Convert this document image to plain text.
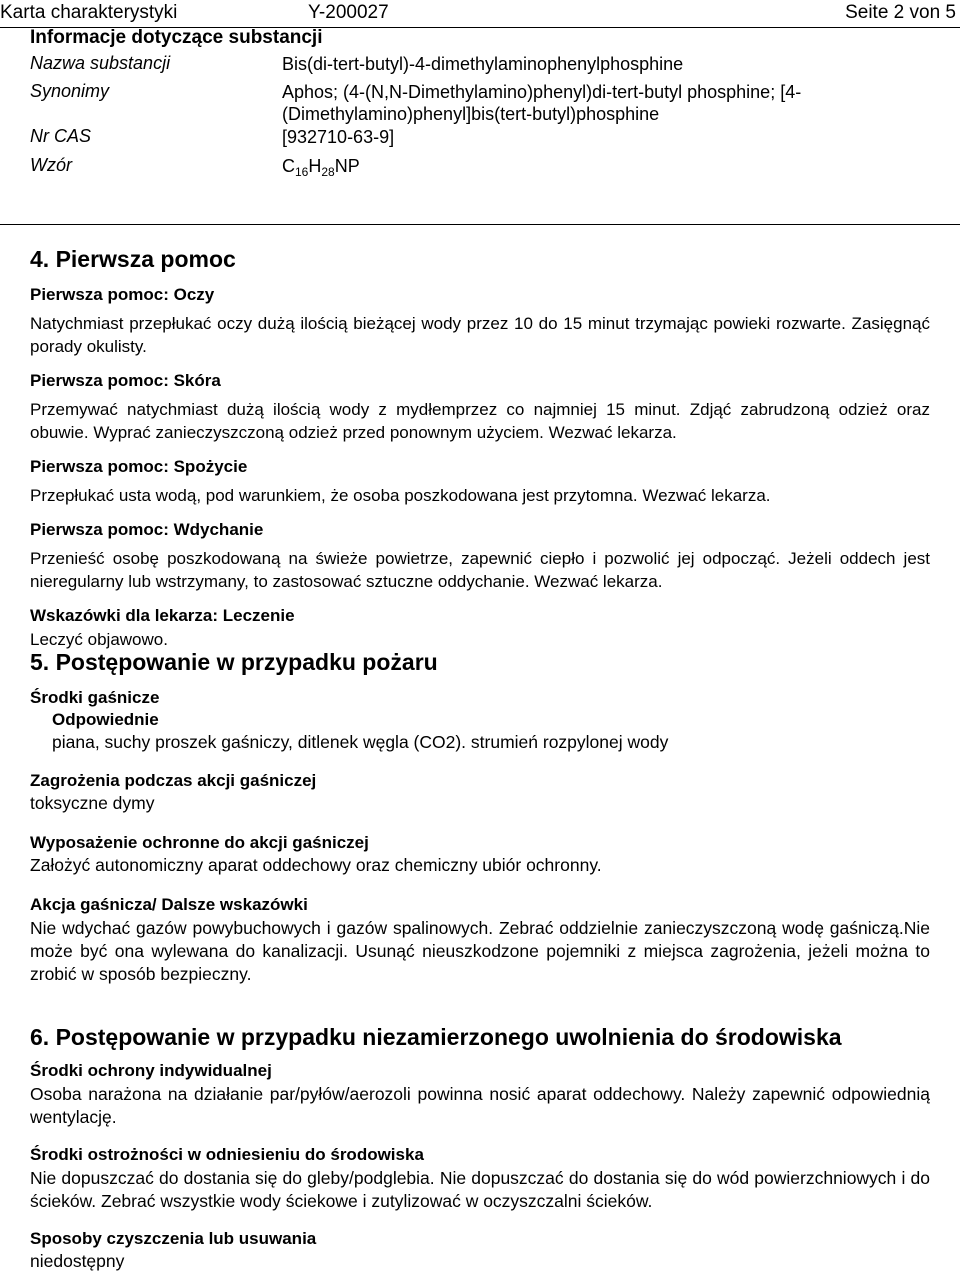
Karta charakterystyki	Y-200027	Seite 2 von 5
Informacje dotyczące substancji
Nazwa substancji	Bis(di-tert-butyl)-4-dimethylaminophenylphosphine
Synonimy	Aphos; (4-(N,N-Dimethylamino)phenyl)di-tert-butyl phosphine; [4-
(Dimethylamino)phenyl]bis(tert-butyl)phosphine
Nr CAS	[932710-63-9]
Wzór	$C_{16}H_{28}NP$
4. Pierwsza pomoc

Pierwsza pomoc: Oczy

Natychmiast przepłukać oczy dużą ilością bieżącej wody przez 10 do 15 minut trzymając powieki rozwarte. Zasięgnąć porady okulisty.

Pierwsza pomoc: Skóra

Przemywać natychmiast dużą ilością wody z mydłemprzez co najmniej 15 minut. Zdjąć zabrudzoną odzież oraz obuwie. Wyprać zanieczyszczoną odzież przed ponownym użyciem. Wezwać lekarza.

Pierwsza pomoc: Spożycie

Przepłukać usta wodą, pod warunkiem, że osoba poszkodowana jest przytomna. Wezwać lekarza.

Pierwsza pomoc: Wdychanie

Przenieść osobę poszkodowaną na świeże powietrze, zapewnić ciepło i pozwolić jej odpocząć. Jeżeli oddech jest nieregularny lub wstrzymany, to zastosować sztuczne oddychanie. Wezwać lekarza.

Wskazówki dla lekarza: Leczenie

Leczyć objawowo.

5. Postępowanie w przypadku pożaru

Środki gaśnicze

Odpowiednie

piana, suchy proszek gaśniczy, ditlenek węgla (CO2). strumień rozpylonej wody

Zagrożenia podczas akcji gaśniczej

toksyczne dymy

Wyposażenie ochronne do akcji gaśniczej

Założyć autonomiczny aparat oddechowy oraz chemiczny ubiór ochronny.

Akcja gaśnicza/ Dalsze wskazówki

Nie wdychać gazów powybuchowych i gazów spalinowych. Zebrać oddzielnie zanieczyszczoną wodę gaśniczą.Nie może być ona wylewana do kanalizacji. Usunąć nieuszkodzone pojemniki z miejsca zagrożenia, jeżeli można to zrobić w sposób bezpieczny.

6. Postępowanie w przypadku niezamierzonego uwolnienia do środowiska

Środki ochrony indywidualnej

Osoba narażona na działanie par/pyłów/aerozoli powinna nosić aparat oddechowy. Należy zapewnić odpowiednią wentylację.

Środki ostrożności w odniesieniu do środowiska

Nie dopuszczać do dostania się do gleby/podglebia. Nie dopuszczać do dostania się do wód powierzchniowych i do ścieków. Zebrać wszystkie wody ściekowe i zutylizować w oczyszczalni ścieków.

Sposoby czyszczenia lub usuwania

niedostępny
